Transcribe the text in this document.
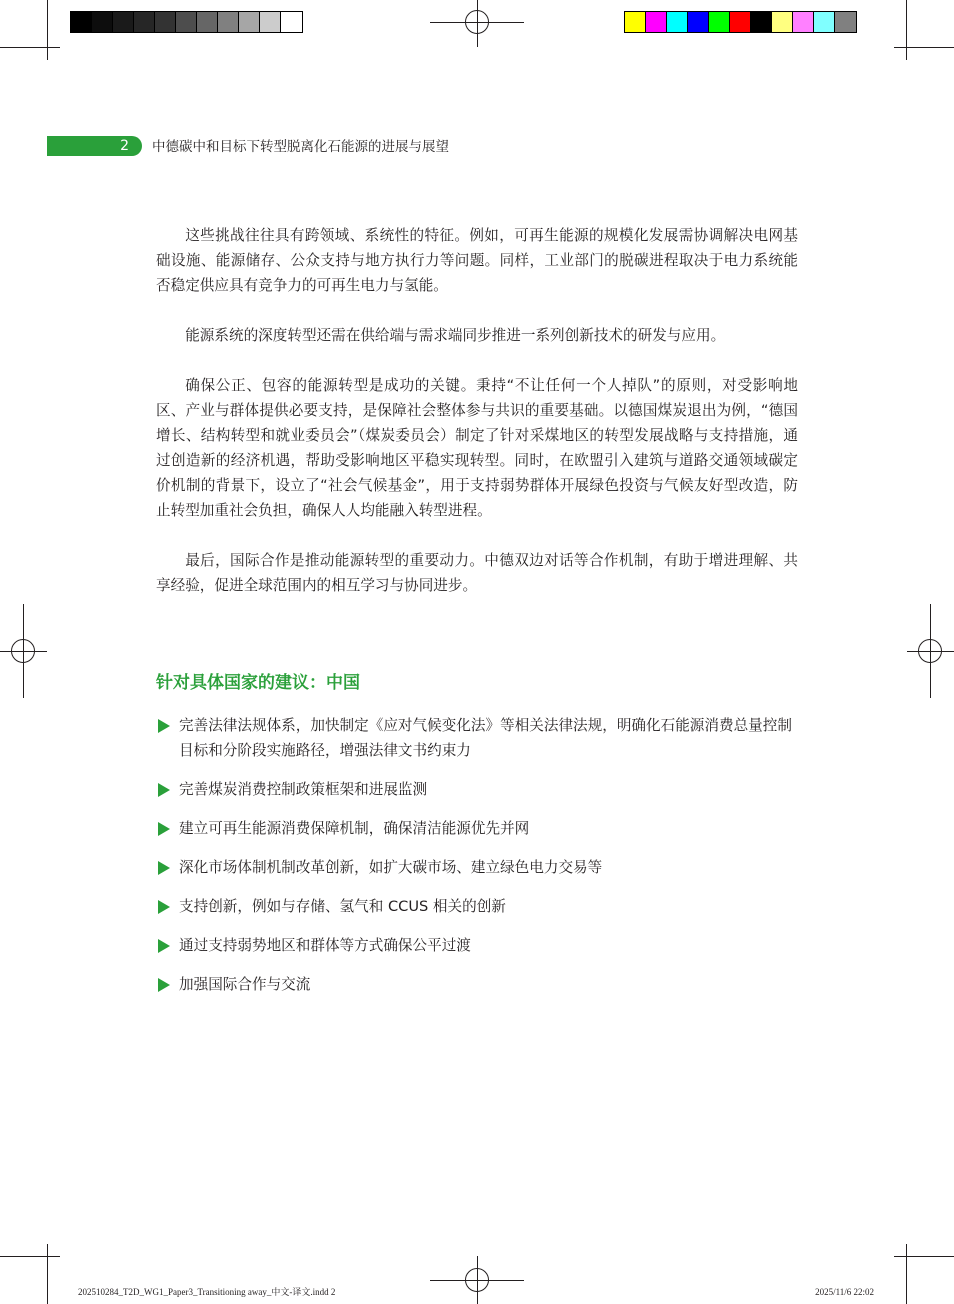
2	中德碳中和目标下转型脱离化石能源的进展与展望

这些挑战往往具有跨领域、系统性的特征。例如，可再生能源的规模化发展需协调解决电网基础设施、能源储存、公众支持与地方执行力等问题。同样，工业部门的脱碳进程取决于电力系统能否稳定供应具有竞争力的可再生电力与氢能。

能源系统的深度转型还需在供给端与需求端同步推进一系列创新技术的研发与应用。

确保公正、包容的能源转型是成功的关键。秉持“不让任何一个人掉队”的原则，对受影响地区、产业与群体提供必要支持，是保障社会整体参与共识的重要基础。以德国煤炭退出为例，“德国增长、结构转型和就业委员会”（煤炭委员会）制定了针对采煤地区的转型发展战略与支持措施，通过创造新的经济机遇，帮助受影响地区平稳实现转型。同时，在欧盟引入建筑与道路交通领域碳定价机制的背景下，设立了“社会气候基金”，用于支持弱势群体开展绿色投资与气候友好型改造，防止转型加重社会负担，确保人人均能融入转型进程。

最后，国际合作是推动能源转型的重要动力。中德双边对话等合作机制，有助于增进理解、共享经验，促进全球范围内的相互学习与协同进步。

针对具体国家的建议：中国
完善法律法规体系，加快制定《应对气候变化法》等相关法律法规，明确化石能源消费总量控制目标和分阶段实施路径，增强法律文书约束力
完善煤炭消费控制政策框架和进展监测
建立可再生能源消费保障机制，确保清洁能源优先并网
深化市场体制机制改革创新，如扩大碳市场、建立绿色电力交易等
支持创新，例如与存储、氢气和 CCUS 相关的创新
通过支持弱势地区和群体等方式确保公平过渡
加强国际合作与交流
202510284_T2D_WG1_Paper3_Transitioning away_中文-译文.indd 2	2025/11/6 22:02
